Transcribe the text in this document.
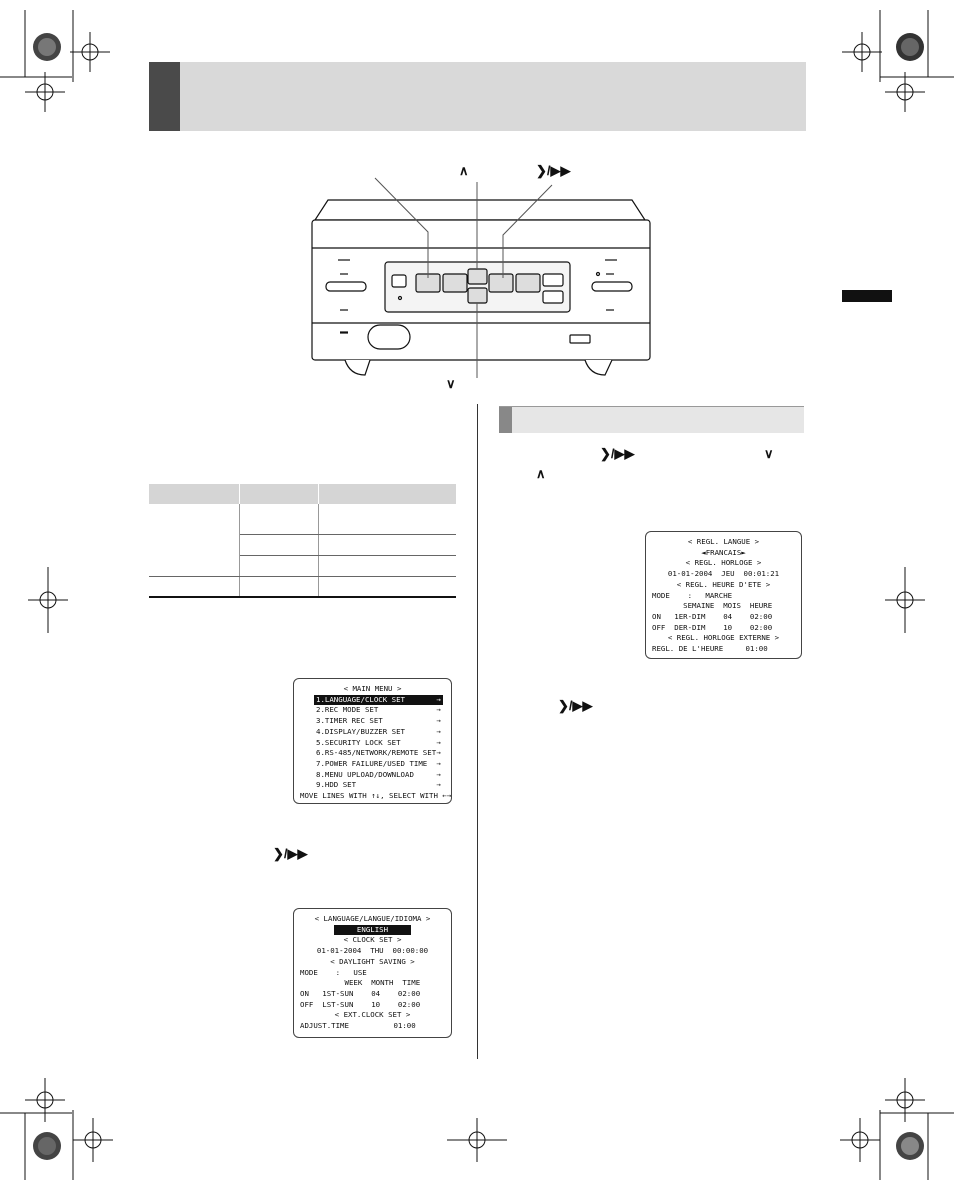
∧	❯/▶▶
∨

< MAIN MENU >
1.LANGUAGE/CLOCK SET	→
2.REC MODE SET	→
3.TIMER REC SET	→
4.DISPLAY/BUZZER SET	→
5.SECURITY LOCK SET	→
6.RS-485/NETWORK/REMOTE SET →
7.POWER FAILURE/USED TIME →
8.MENU UPLOAD/DOWNLOAD	→
9.HDD SET	→
MOVE LINES WITH ↑↓, SELECT WITH ←→
❯/▶▶
< LANGUAGE/LANGUE/IDIOMA >
ENGLISH
< CLOCK SET >
01-01-2004  THU  00:00:00
< DAYLIGHT SAVING >
MODE    :   USE
WEEK  MONTH  TIME
ON   1ST-SUN    04    02:00
OFF  LST-SUN    10    02:00
< EXT.CLOCK SET >
ADJUST.TIME          01:00
❯/▶▶	∨
∧
< REGL. LANGUE >
◄FRANCAIS►
< REGL. HORLOGE >
01-01-2004  JEU  00:01:21
< REGL. HEURE D'ETE >
MODE    :   MARCHE
SEMAINE  MOIS  HEURE
ON   1ER-DIM    04    02:00
OFF  DER-DIM    10    02:00
< REGL. HORLOGE EXTERNE >
REGL. DE L'HEURE     01:00
❯/▶▶
